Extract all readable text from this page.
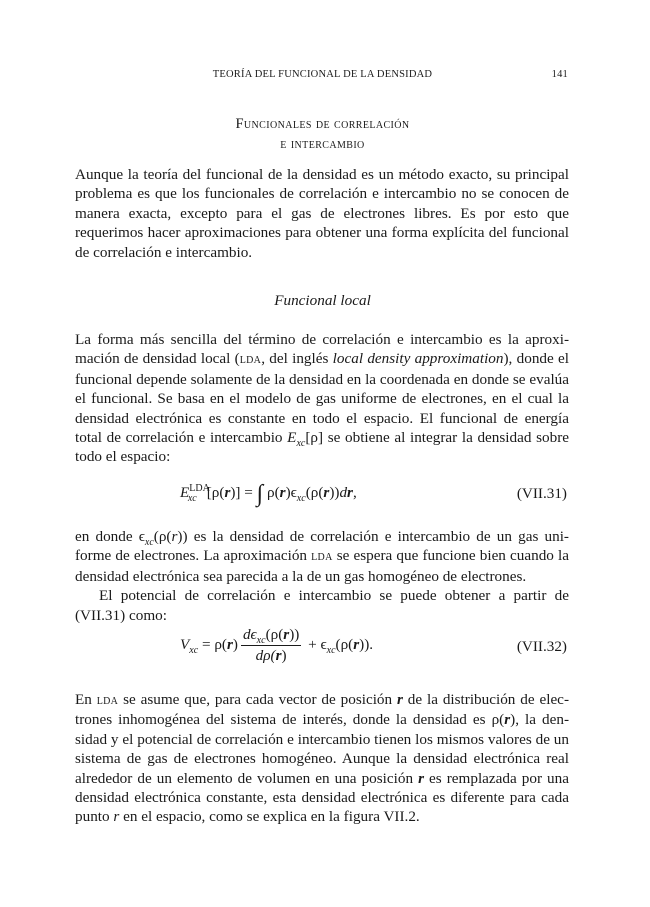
TEORÍA DEL FUNCIONAL DE LA DENSIDAD	141
Funcionales de correlación
e intercambio
Aunque la teoría del funcional de la densidad es un método exacto, su principal problema es que los funcionales de correlación e intercambio no se conocen de manera exacta, excepto para el gas de electrones libres. Es por esto que requerimos hacer aproximaciones para obtener una forma explícita del funcional de correlación e intercambio.
Funcional local
La forma más sencilla del término de correlación e intercambio es la aproximación de densidad local (lda, del inglés local density approximation), donde el funcional depende solamente de la densidad en la coordenada en donde se evalúa el funcional. Se basa en el modelo de gas uniforme de electrones, en el cual la densidad electrónica es constante en todo el espacio. El funcional de energía total de correlación e intercambio $E_{xc}[\rho]$ se obtiene al integrar la densidad sobre todo el espacio:
$E^{LDA}_{xc}$ [ρ(r)] = ∫ $\rho(r)\epsilon_{xc}(\rho(r))dr$,	(VII.31)
en donde $\epsilon_{xc}(\rho(r))$ es la densidad de correlación e intercambio de un gas uniforme de electrones. La aproximación lda se espera que funcione bien cuando la densidad electrónica sea parecida a la de un gas homogéneo de electrones.
El potencial de correlación e intercambio se puede obtener a partir de (VII.31) como:
$V_{xc} = \rho(r) \frac{d\epsilon_{xc}(\rho(r))}{d\rho(r)} + \epsilon_{xc}(\rho(r))$.	(VII.32)
En lda se asume que, para cada vector de posición r de la distribución de electrones inhomogénea del sistema de interés, donde la densidad es ρ(r), la densidad y el potencial de correlación e intercambio tienen los mismos valores de un sistema de gas de electrones homogéneo. Aunque la densidad electrónica real alrededor de un elemento de volumen en una posición r es remplazada por una densidad electrónica constante, esta densidad electrónica es diferente para cada punto r en el espacio, como se explica en la figura VII.2.
